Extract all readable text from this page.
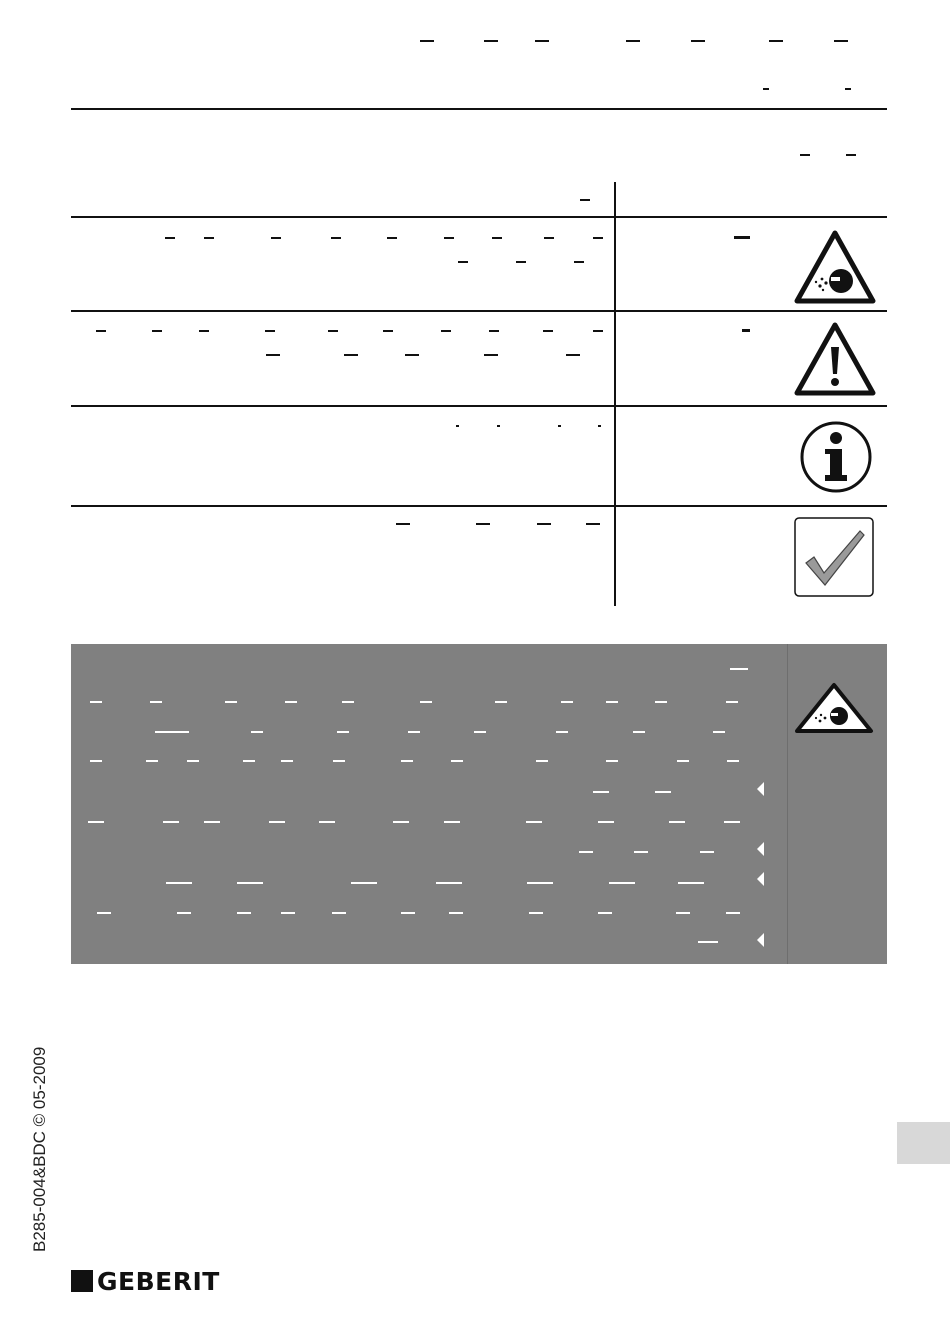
B285-004&BDC © 05-2009
GEBERIT
